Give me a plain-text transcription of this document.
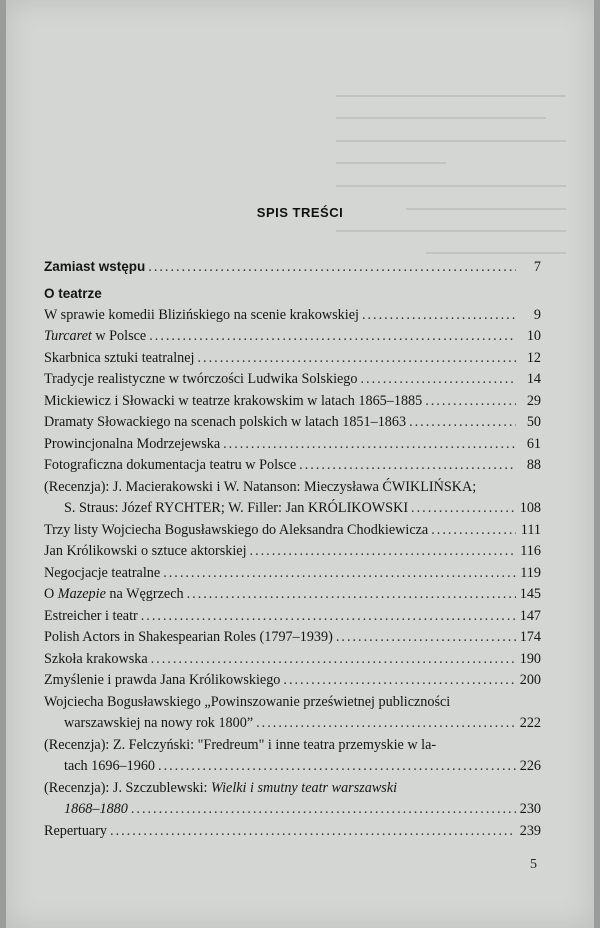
SPIS TREŚCI
Zamiast wstępu .....	7
O teatrze
W sprawie komedii Blizińskiego na scenie krakowskiej .....	9
Turcaret w Polsce .....	10
Skarbnica sztuki teatralnej .....	12
Tradycje realistyczne w twórczości Ludwika Solskiego .....	14
Mickiewicz i Słowacki w teatrze krakowskim w latach 1865–1885 .....	29
Dramaty Słowackiego na scenach polskich w latach 1851–1863 .....	50
Prowincjonalna Modrzejewska .....	61
Fotograficzna dokumentacja teatru w Polsce .....	88
(Recenzja): J. Macierakowski i W. Natanson: Mieczysława ĆWIKLIŃSKA;
S. Straus: Józef RYCHTER; W. Filler: Jan KRÓLIKOWSKI .....	108
Trzy listy Wojciecha Bogusławskiego do Aleksandra Chodkiewicza .....	111
Jan Królikowski o sztuce aktorskiej .....	116
Negocjacje teatralne .....	119
O Mazepie na Węgrzech .....	145
Estreicher i teatr .....	147
Polish Actors in Shakespearian Roles (1797–1939) .....	174
Szkoła krakowska .....	190
Zmyślenie i prawda Jana Królikowskiego .....	200
Wojciecha Bogusławskiego „Powinszowanie prześwietnej publiczności
warszawskiej na nowy rok 1800” .....	222
(Recenzja): Z. Felczyński: "Fredreum" i inne teatra przemyskie w la-
tach 1696–1960 .....	226
(Recenzja): J. Szczublewski: Wielki i smutny teatr warszawski
1868–1880 .....	230
Repertuary .....	239
5
